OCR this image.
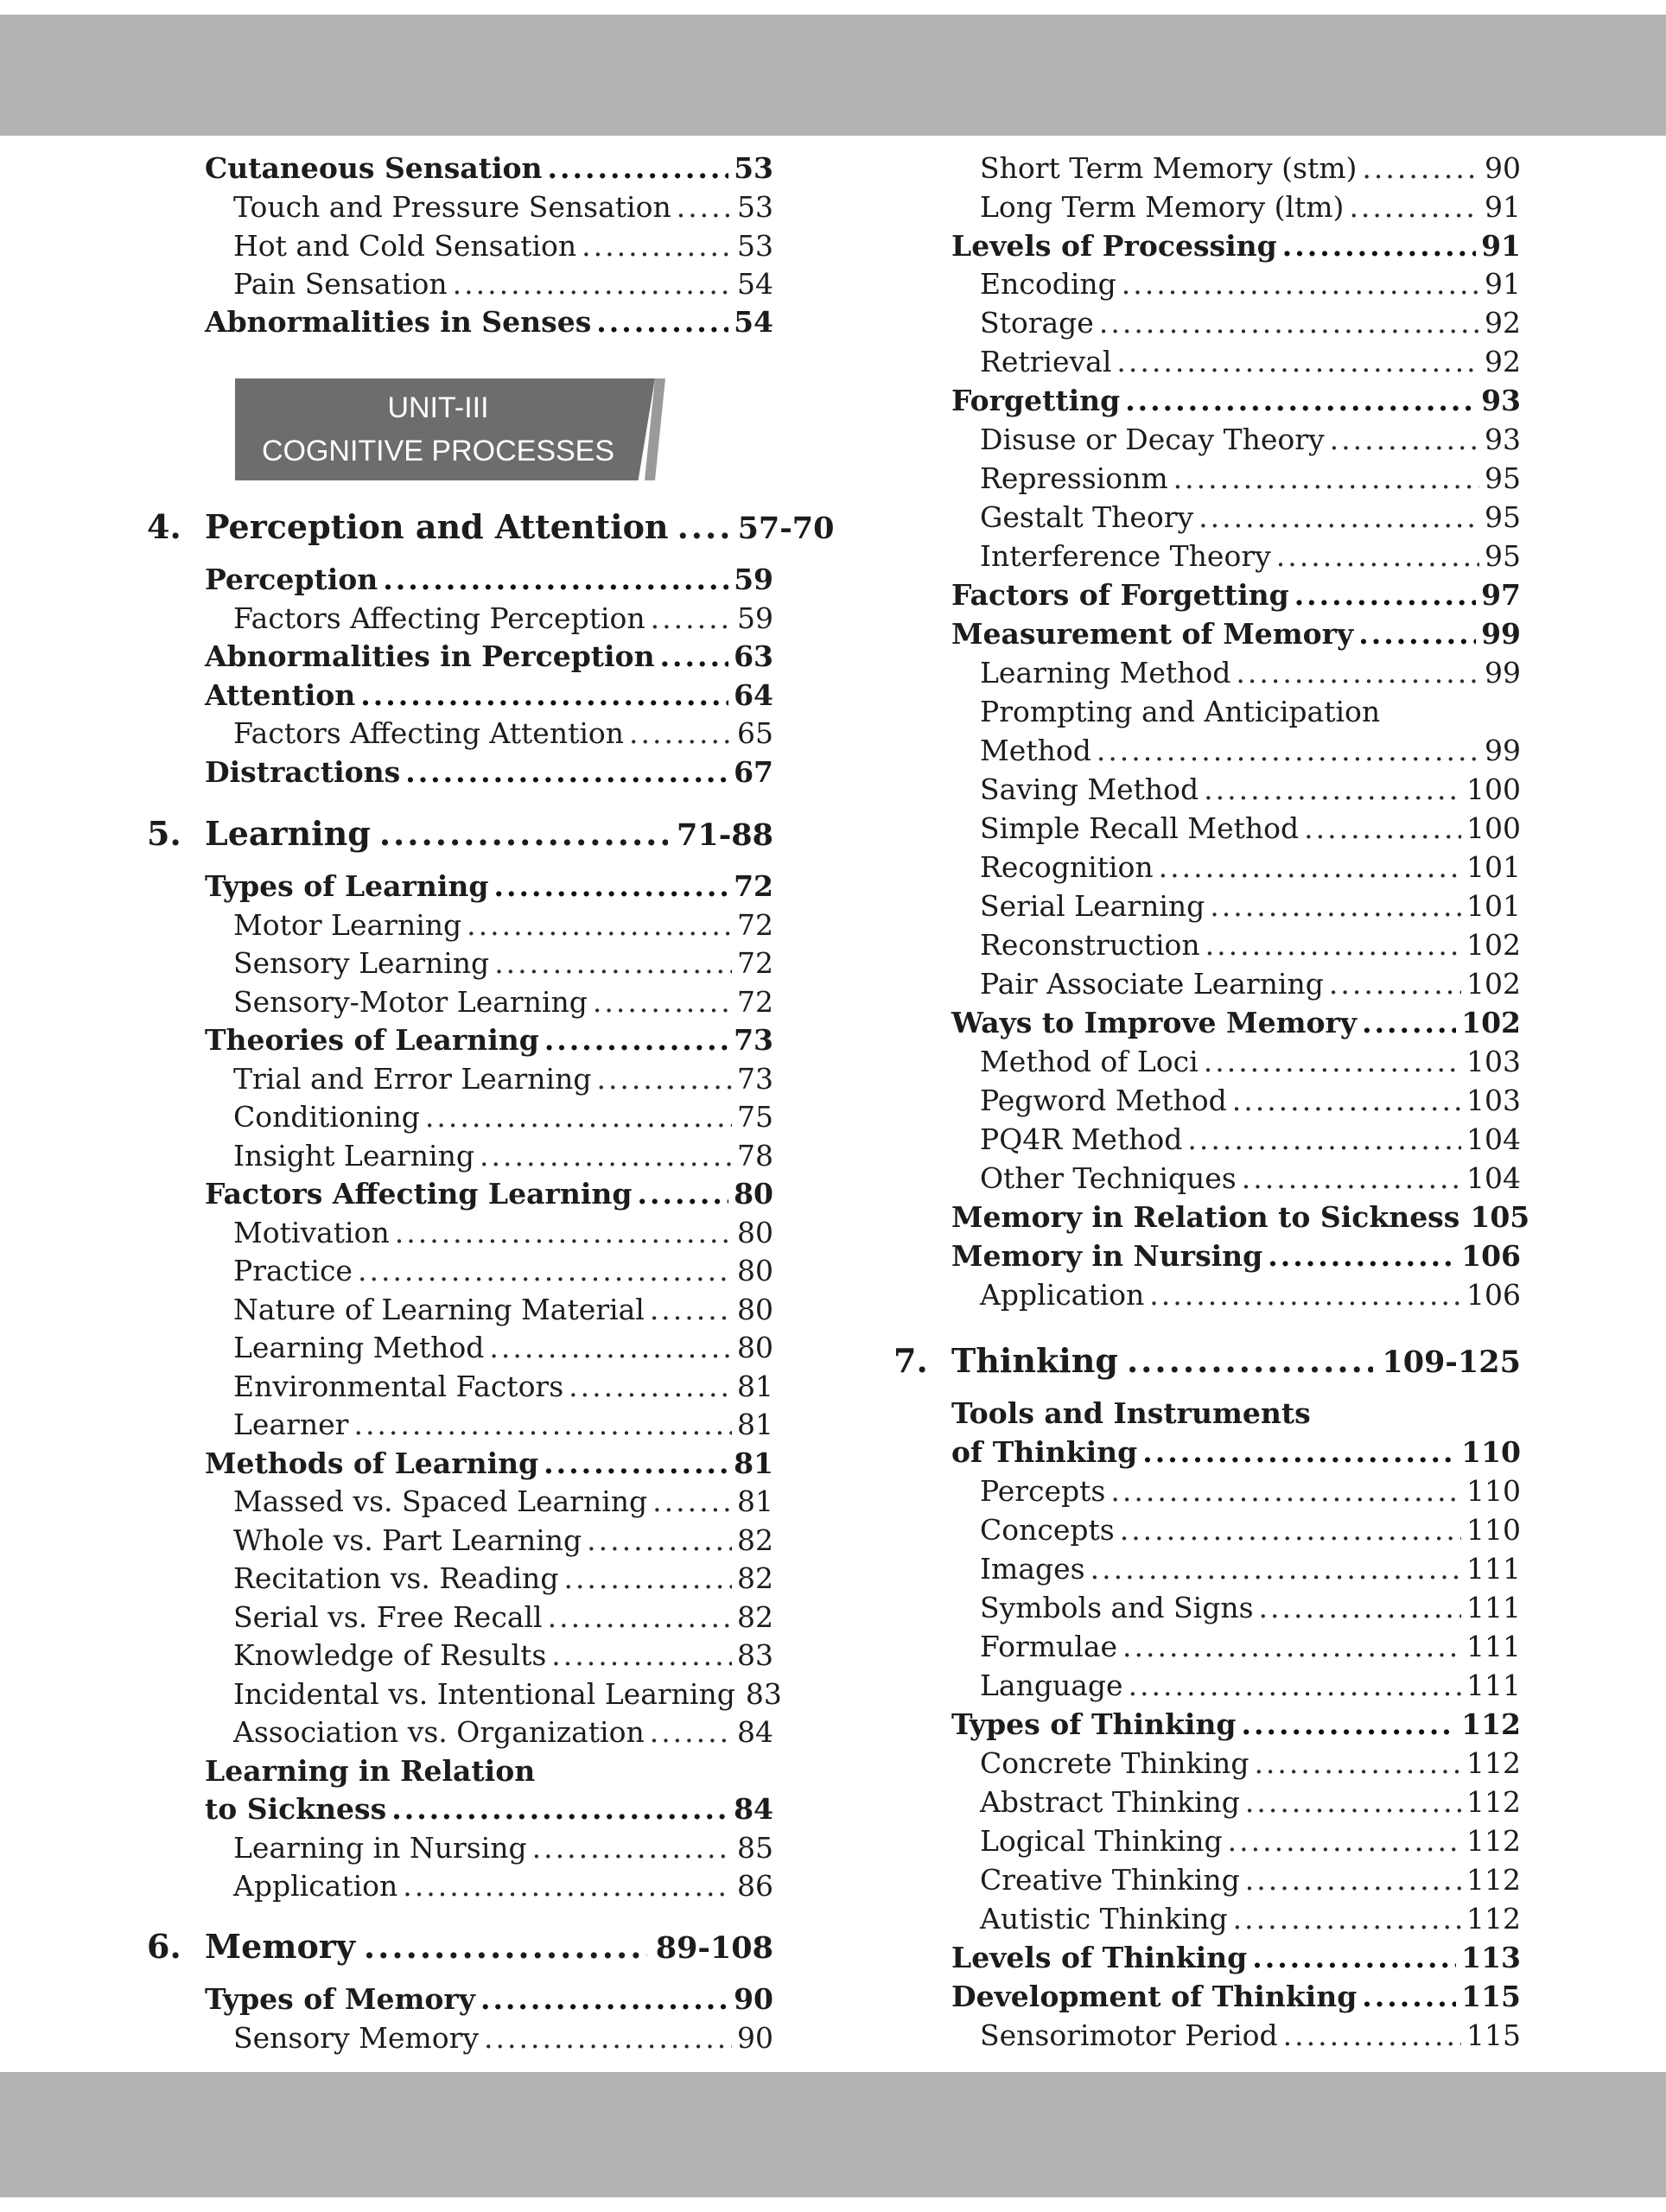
UNIT-III
COGNITIVE PROCESSES
Cutaneous Sensation .....	53
Touch and Pressure Sensation ..... 53
Hot and Cold Sensation .....	53
Pain Sensation .....	54
Abnormalities in Senses .....	54
4. Perception and Attention ..... 57-70
Perception .....	59
Factors Affecting Perception .....	59
Abnormalities in Perception .....	63
Attention .....	64
Factors Affecting Attention .....	65
Distractions .....	67
5. Learning .....	71-88
Types of Learning .....	72
Motor Learning .....	72
Sensory Learning .....	72
Sensory-Motor Learning .....	72
Theories of Learning .....	73
Trial and Error Learning .....	73
Conditioning .....	75
Insight Learning .....	78
Factors Affecting Learning .....	80
Motivation .....	80
Practice .....	80
Nature of Learning Material .....	80
Learning Method .....	80
Environmental Factors .....	81
Learner .....	81
Methods of Learning .....	81
Massed vs. Spaced Learning .....	81
Whole vs. Part Learning .....	82
Recitation vs. Reading .....	82
Serial vs. Free Recall .....	82
Knowledge of Results .....	83
Incidental vs. Intentional Learning 83
Association vs. Organization .....	84
Learning in Relation
to Sickness .....	84
Learning in Nursing .....	85
Application .....	86
6. Memory .....	89-108
Types of Memory .....	90
Sensory Memory .....	90
Short Term Memory (stm) .....	90
Long Term Memory (ltm) .....	91
Levels of Processing .....	91
Encoding .....	91
Storage .....	92
Retrieval .....	92
Forgetting .....	93
Disuse or Decay Theory .....	93
Repressionm .....	95
Gestalt Theory .....	95
Interference Theory .....	95
Factors of Forgetting .....	97
Measurement of Memory .....	99
Learning Method .....	99
Prompting and Anticipation
Method .....	99
Saving Method .....	100
Simple Recall Method .....	100
Recognition .....	101
Serial Learning .....	101
Reconstruction .....	102
Pair Associate Learning .....	102
Ways to Improve Memory .....	102
Method of Loci .....	103
Pegword Method .....	103
PQ4R Method .....	104
Other Techniques .....	104
Memory in Relation to Sickness 105
Memory in Nursing .....	106
Application .....	106
7. Thinking .....	109-125
Tools and Instruments
of Thinking .....	110
Percepts .....	110
Concepts .....	110
Images .....	111
Symbols and Signs .....	111
Formulae .....	111
Language .....	111
Types of Thinking .....	112
Concrete Thinking .....	112
Abstract Thinking .....	112
Logical Thinking .....	112
Creative Thinking .....	112
Autistic Thinking .....	112
Levels of Thinking .....	113
Development of Thinking .....	115
Sensorimotor Period .....	115
